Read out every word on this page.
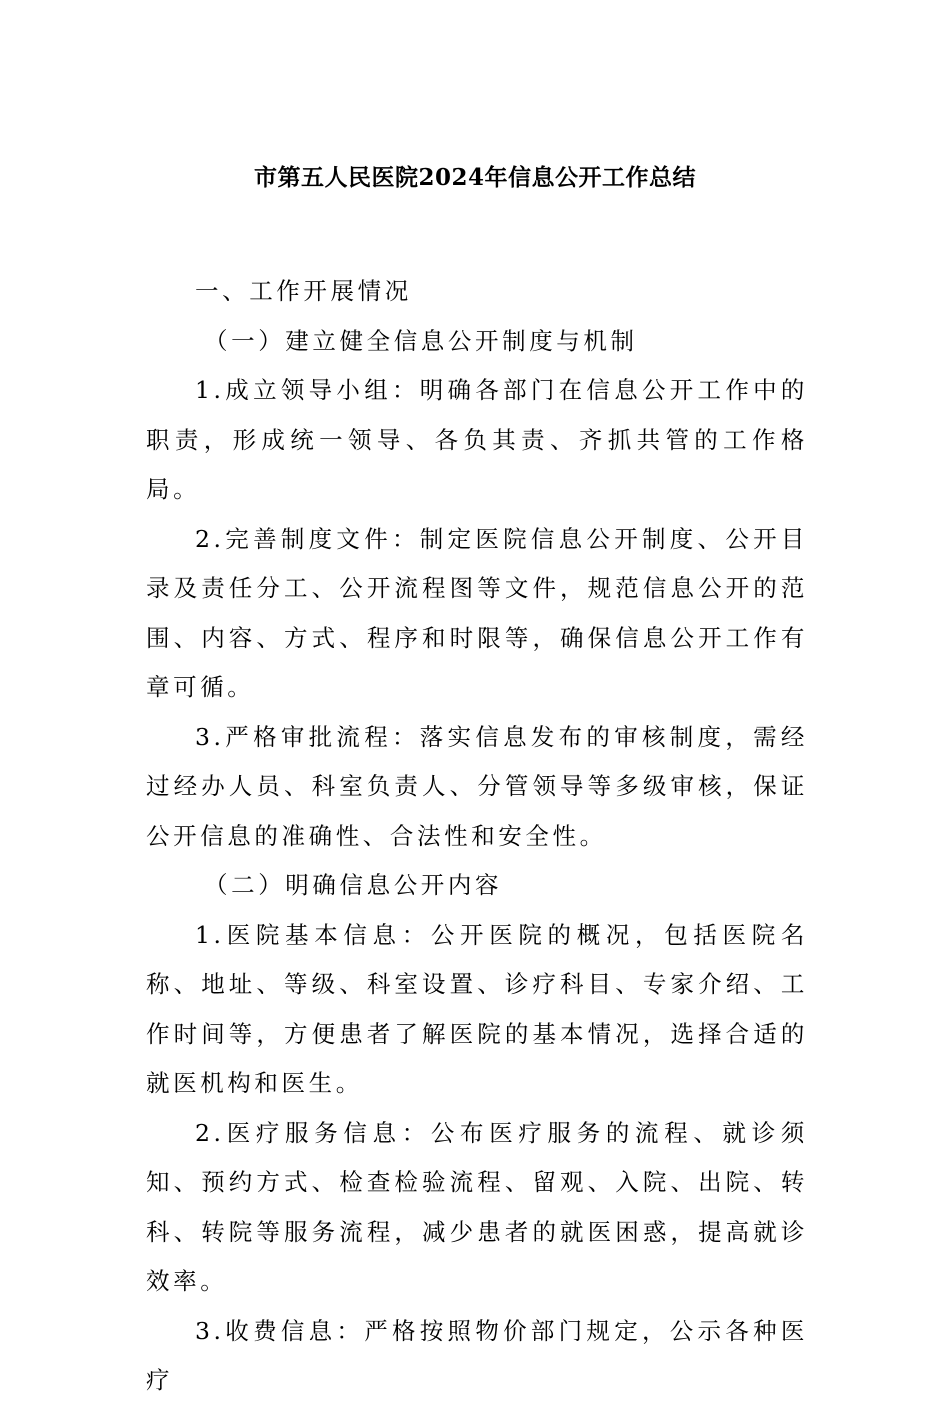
市第五人民医院2024年信息公开工作总结

一、工作开展情况

（一）建立健全信息公开制度与机制

1.成立领导小组：明确各部门在信息公开工作中的职责，形成统一领导、各负其责、齐抓共管的工作格局。

2.完善制度文件：制定医院信息公开制度、公开目录及责任分工、公开流程图等文件，规范信息公开的范围、内容、方式、程序和时限等，确保信息公开工作有章可循。

3.严格审批流程：落实信息发布的审核制度，需经过经办人员、科室负责人、分管领导等多级审核，保证公开信息的准确性、合法性和安全性。

（二）明确信息公开内容

1.医院基本信息：公开医院的概况，包括医院名称、地址、等级、科室设置、诊疗科目、专家介绍、工作时间等，方便患者了解医院的基本情况，选择合适的就医机构和医生。

2.医疗服务信息：公布医疗服务的流程、就诊须知、预约方式、检查检验流程、留观、入院、出院、转科、转院等服务流程，减少患者的就医困惑，提高就诊效率。

3.收费信息：严格按照物价部门规定，公示各种医疗
